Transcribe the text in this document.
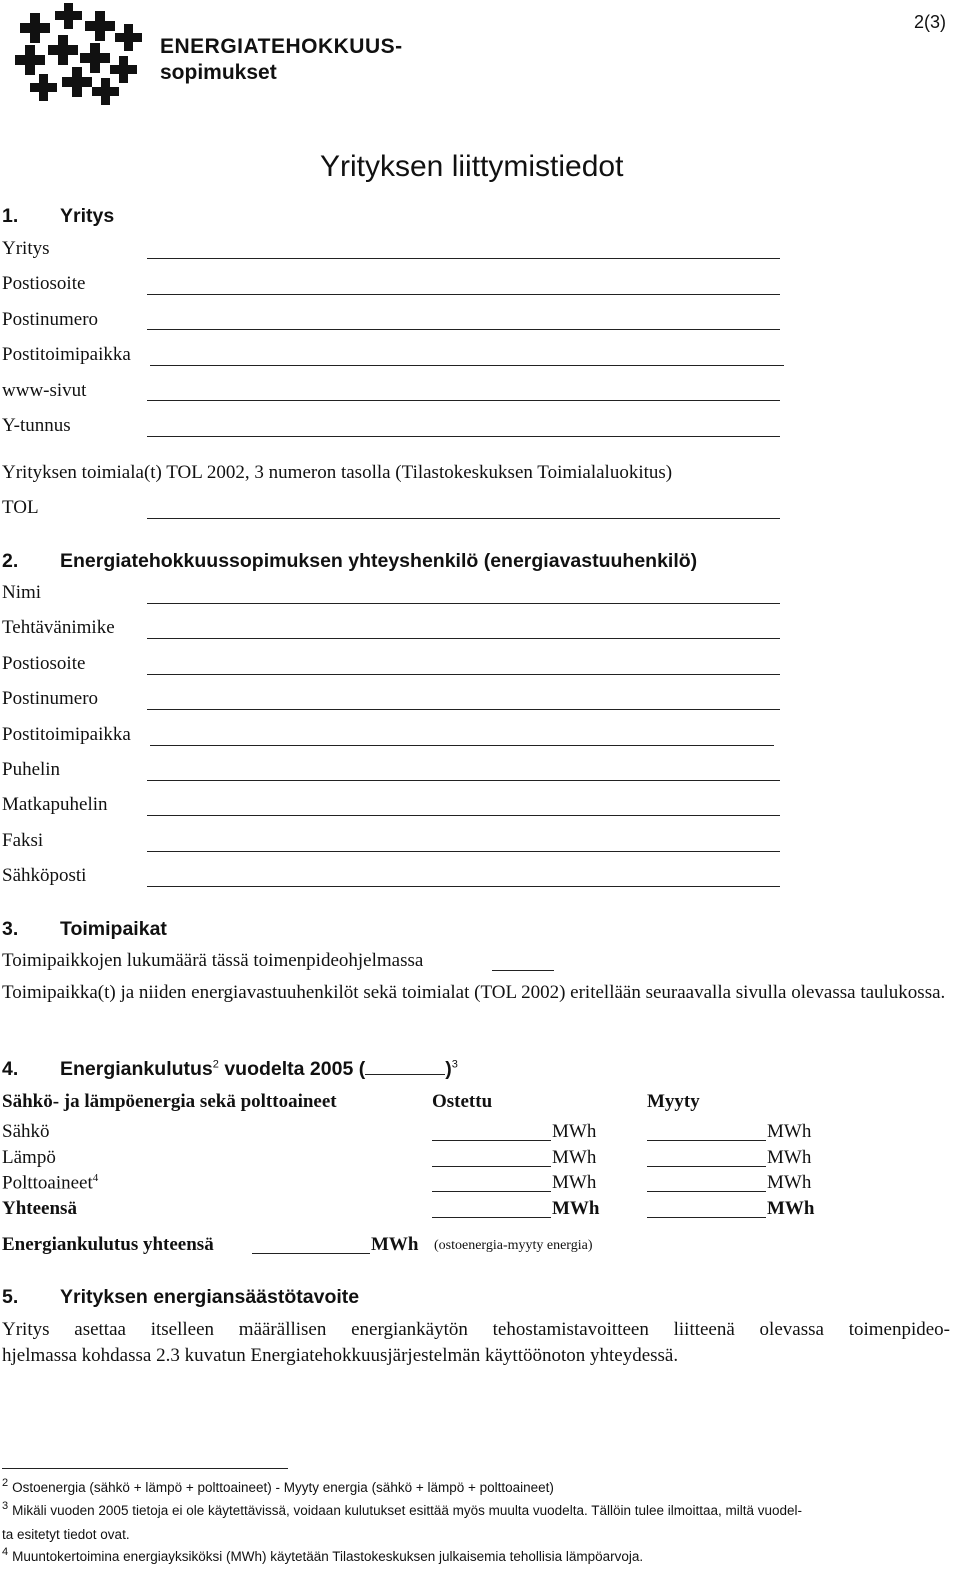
ENERGIATEHOKKUUS-
sopimukset
2(3)
Yrityksen liittymistiedot
1. Yritys
Yritys
Postiosoite
Postinumero
Postitoimipaikka
www-sivut
Y-tunnus
Yrityksen toimiala(t) TOL 2002, 3 numeron tasolla (Tilastokeskuksen Toimialaluokitus)
TOL
2. Energiatehokkuussopimuksen yhteyshenkilö (energiavastuuhenkilö)
Nimi
Tehtävänimike
Postiosoite
Postinumero
Postitoimipaikka
Puhelin
Matkapuhelin
Faksi
Sähköposti
3. Toimipaikat
Toimipaikkojen lukumäärä tässä toimenpideohjelmassa
Toimipaikka(t) ja niiden energiavastuuhenkilöt sekä toimialat (TOL 2002) eritellään seuraavalla sivulla olevassa taulukossa.
4. Energiankulutus$^2$ vuodelta 2005 (	)$^3$
Sähkö- ja lämpöenergia sekä polttoaineet	Ostettu	Myyty
Sähkö	MWh	MWh
Lämpö	MWh	MWh
Polttoaineet$^4$	MWh	MWh
Yhteensä	MWh	MWh
Energiankulutus yhteensä	MWh (ostoenergia-myyty energia)
5. Yrityksen energiansäästötavoite
Yritys asettaa itselleen määrällisen energiankäytön tehostamistavoitteen liitteenä olevassa toimenpideo-
hjelmassa kohdassa 2.3 kuvatun Energiatehokkuusjärjestelmän käyttöönoton yhteydessä.
$^2$ Ostoenergia (sähkö + lämpö + polttoaineet) - Myyty energia (sähkö + lämpö + polttoaineet)
$^3$ Mikäli vuoden 2005 tietoja ei ole käytettävissä, voidaan kulutukset esittää myös muulta vuodelta. Tällöin tulee ilmoittaa, miltä vuodel-
ta esitetyt tiedot ovat.
$^4$ Muuntokertoimina energiayksiköksi (MWh) käytetään Tilastokeskuksen julkaisemia tehollisia lämpöarvoja.
